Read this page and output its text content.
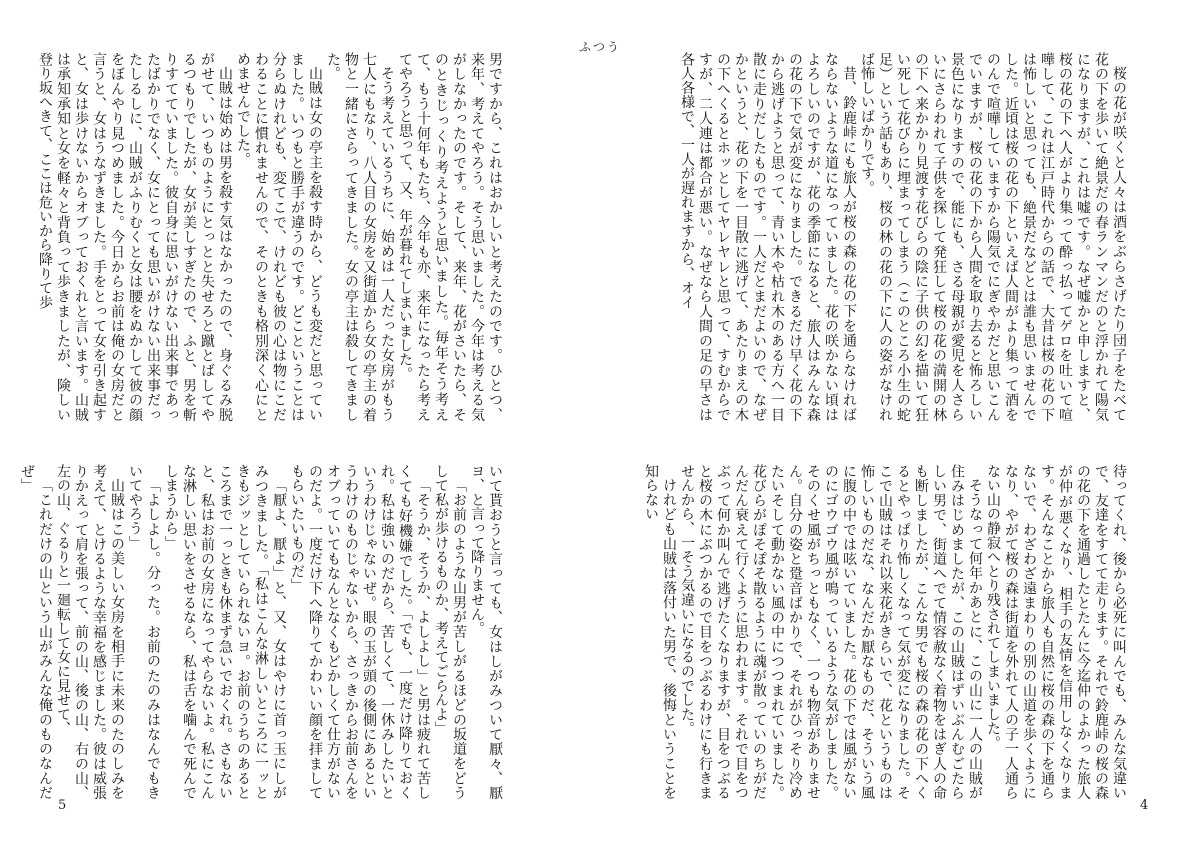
ふつう

桜の花が咲くと人々は酒をぶらさげたり団子をたべて花の下を歩いて絶景だの春ランマンだのと浮かれて陽気になりますが、これは嘘です。なぜ嘘かと申しますと、桜の花の下へ人がより集って酔っ払ってゲロを吐いて喧嘩して、これは江戸時代からの話で、大昔は桜の花の下は怖しいと思っても、絶景だなどとは誰も思いませんでした。近頃は桜の花の下といえば人間がより集って酒をのんで喧嘩していますから陽気でにぎやかだと思いこんでいますが、桜の花の下から人間を取り去ると怖ろしい景色になりますので、能にも、さる母親が愛児を人さらいにさらわれて子供を探して発狂して桜の花の満開の林の下へ来かかり見渡す花びらの陰に子供の幻を描いて狂い死して花びらに埋まってしまう（このところ小生の蛇足）という話もあり、桜の林の花の下に人の姿がなければ怖しいばかりです。

昔、鈴鹿峠にも旅人が桜の森の花の下を通らなければならないような道になっていました。花の咲かない頃はよろしいのですが、花の季節になると、旅人はみんな森の花の下で気が変になりました。できるだけ早く花の下から逃げようと思って、青い木や枯れ木のある方へ一目散に走りだしたものです。一人だとまだよいので、なぜかというと、花の下を一目散に逃げて、あたりまえの木の下へくるとホッとしてヤレヤレと思って、すむからですが、二人連は都合が悪い。なぜなら人間の足の早さは各人各様で、一人が遅れますから、オイ

待ってくれ、後から必死に叫んでも、みんな気違いで、友達をすてて走ります。それで鈴鹿峠の桜の森の花の下を通過したとたんに今迄仲のよかった旅人が仲が悪くなり、相手の友情を信用しなくなります。そんなことから旅人も自然に桜の森の下を通らないで、わざわざ遠まわりの別の山道を歩くようになり、やがて桜の森は街道を外れて人の子一人通らない山の静寂へとり残されてしまいました。

そうなって何年かあとに、この山に一人の山賊が住みはじめましたが、この山賊はずいぶんむごたらしい男で、街道へでて情容赦なく着物をはぎ人の命も断しましたが、こんな男でも桜の森の花の下へくるとやっぱり怖しくなって気が変になりました。そこで山賊はそれ以来花がきらいで、花というものは怖しいものだな、なんだか厭なものだ、そういう風に腹の中では呟いていました。花の下では風がないのにゴウゴウ風が鳴っているような気がしました。そのくせ風がちっともなく、一つも物音がありません。自分の姿と跫音ばかりで、それがひっそり冷めたいそして動かない風の中につつまれていました。花びらがぽそぽそ散るように魂が散っていのちがだんだん衰えて行くように思われます。それで目をつぶって何か叫んで逃げたくなりますが、目をつぶると桜の木にぶつかるので目をつぶるわけにも行きませんから、一そう気違いになるのでした。

けれども山賊は落付いた男で、後悔ということを知らない

男ですから、これはおかしいと考えたのです。ひとつ、来年、考えてやろう。そう思いました。今年は考える気がしなかったのです。そして、来年、花がさいたら、そのときじっくり考えようと思いました。毎年そう考えて、もう十何年もたち、今年も亦、来年になったら考えてやろうと思って、又、年が暮れてしまいました。

そう考えているうちに、始めは一人だった女房がもう七人にもなり、八人目の女房を又街道から女の亭主の着物と一緒にさらってきました。女の亭主は殺してきました。

山賊は女の亭主を殺す時から、どうも変だと思っていました。いつもと勝手が違うのです。どこということは分らぬけれども、変てこで、けれども彼の心は物にこだわることに慣れませんので、そのときも格別深く心にとめませんでした。

山賊は始めは男を殺す気はなかったので、身ぐるみ脱がせて、いつものようにとっとと失せろと蹴とばしてやるつもりでしたが、女が美しすぎたので、ふと、男を斬りすてていました。彼自身に思いがけない出来事であったばかりでなく、女にとっても思いがけない出来事だったしるしに、山賊がふりむくと女は腰をぬかして彼の顔をぼんやり見つめました。今日からお前は俺の女房だと言うと、女はうなずきました。手をとって女を引き起すと、女は歩けないからオブっておくれと言います。山賊は承知承知と女を軽々と背負って歩きましたが、険しい登り坂へきて、ここは危いから降りて歩

いて貰おうと言っても、女はしがみついて厭々、厭ヨ、と言って降りません。

「お前のような山男が苦しがるほどの坂道をどうして私が歩けるものか、考えてごらんよ」

「そうか、そうか、よしよし」と男は疲れて苦しくても好機嫌でした。「でも、一度だけ降りておくれ。私は強いのだから、苦しくて、一休みしたいというわけじゃないぜ。眼の玉が頭の後側にあるというわけのものじゃないから、さっきからお前さんをオブっていてもなんとなくもどかしくて仕方がないのだよ。一度だけ下へ降りてかわいい顔を拝ましてもらいたいものだ」

「厭よ、厭よ」と、又、女はやけに首っ玉にしがみつきました。「私はこんな淋しいところに一ッときもジッとしていられないヨ。お前のうちのあるところまで一っときも休まず急いでおくれ。さもないと、私はお前の女房になってやらないよ。私にこんな淋しい思いをさせるなら、私は舌を噛んで死んでしまうから」

「よしよし。分った。お前のたのみはなんでもきいてやろう」

山賊はこの美しい女房を相手に未来のたのしみを考えて、とけるような幸福を感じました。彼は威張りかえって肩を張って、前の山、後の山、右の山、左の山、ぐるりと一廻転して女に見せて、

「これだけの山という山がみんな俺のものなんだぜ」

4
5
